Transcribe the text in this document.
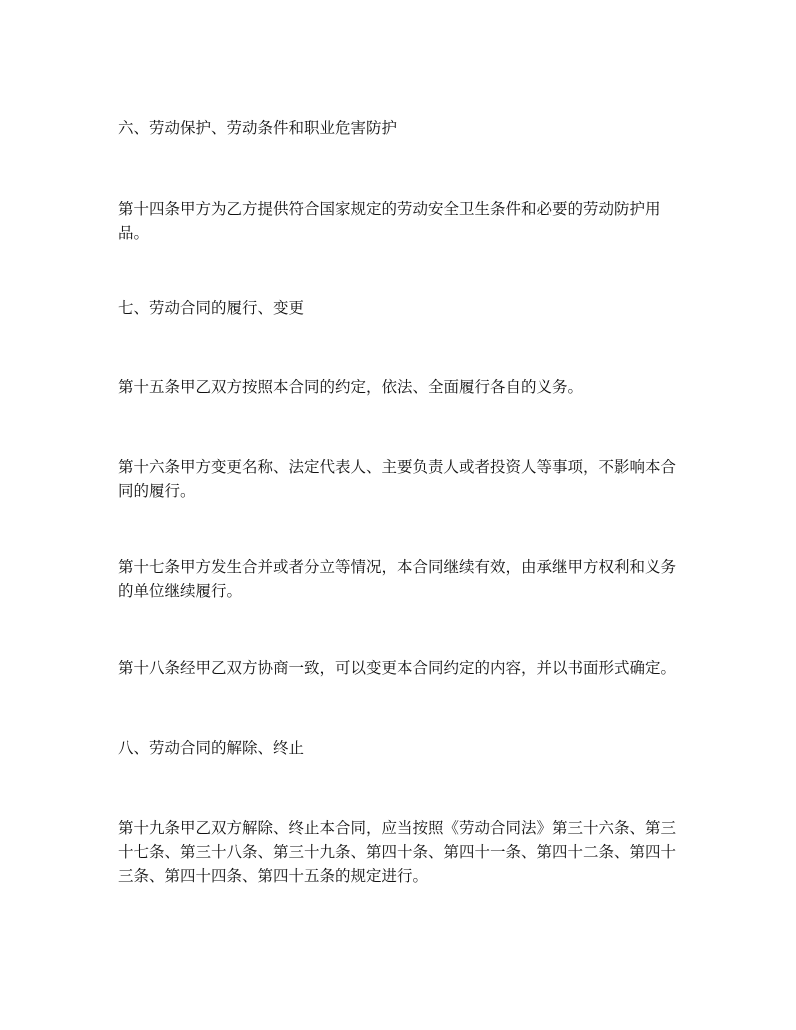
六、劳动保护、劳动条件和职业危害防护
第十四条甲方为乙方提供符合国家规定的劳动安全卫生条件和必要的劳动防护用品。
七、劳动合同的履行、变更
第十五条甲乙双方按照本合同的约定，依法、全面履行各自的义务。
第十六条甲方变更名称、法定代表人、主要负责人或者投资人等事项，不影响本合同的履行。
第十七条甲方发生合并或者分立等情况，本合同继续有效，由承继甲方权利和义务的单位继续履行。
第十八条经甲乙双方协商一致，可以变更本合同约定的内容，并以书面形式确定。
八、劳动合同的解除、终止
第十九条甲乙双方解除、终止本合同，应当按照《劳动合同法》第三十六条、第三十七条、第三十八条、第三十九条、第四十条、第四十一条、第四十二条、第四十三条、第四十四条、第四十五条的规定进行。
